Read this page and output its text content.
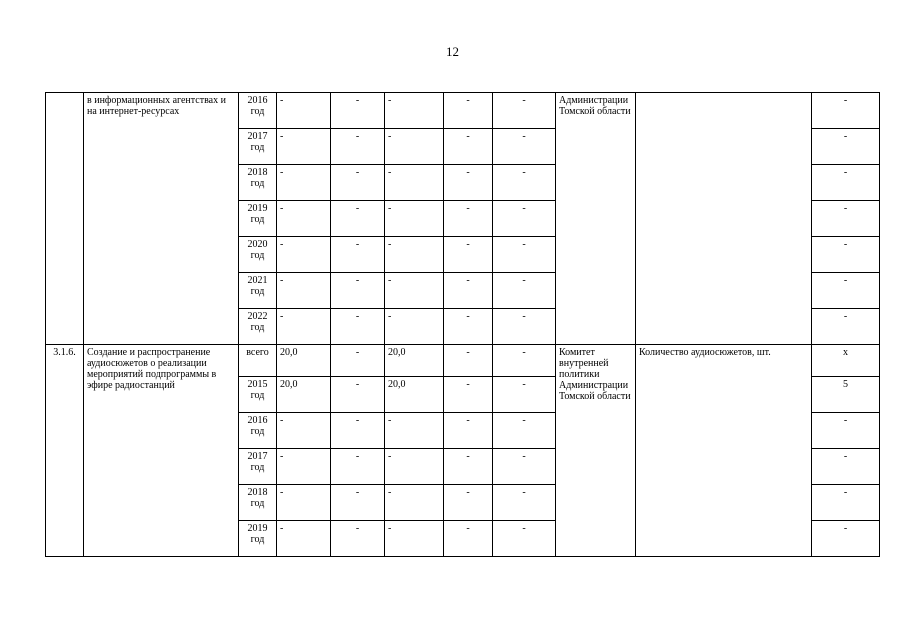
12
	в информационных агентствах и на интернет-ресурсах	2016 год	-	-	-	-	-	Администрации Томской области		-
		2017 год	-	-	-	-	-			-
		2018 год	-	-	-	-	-			-
		2019 год	-	-	-	-	-			-
		2020 год	-	-	-	-	-			-
		2021 год	-	-	-	-	-			-
		2022 год	-	-	-	-	-			-
3.1.6.	Создание и распространение аудиосюжетов о реализации мероприятий подпрограммы в эфире радиостанций	всего	20,0	-	20,0	-	-	Комитет внутренней политики Администрации Томской области	Количество аудиосюжетов, шт.	х
		2015 год	20,0	-	20,0	-	-			5
		2016 год	-	-	-	-	-			-
		2017 год	-	-	-	-	-			-
		2018 год	-	-	-	-	-			-
		2019 год	-	-	-	-	-			-
